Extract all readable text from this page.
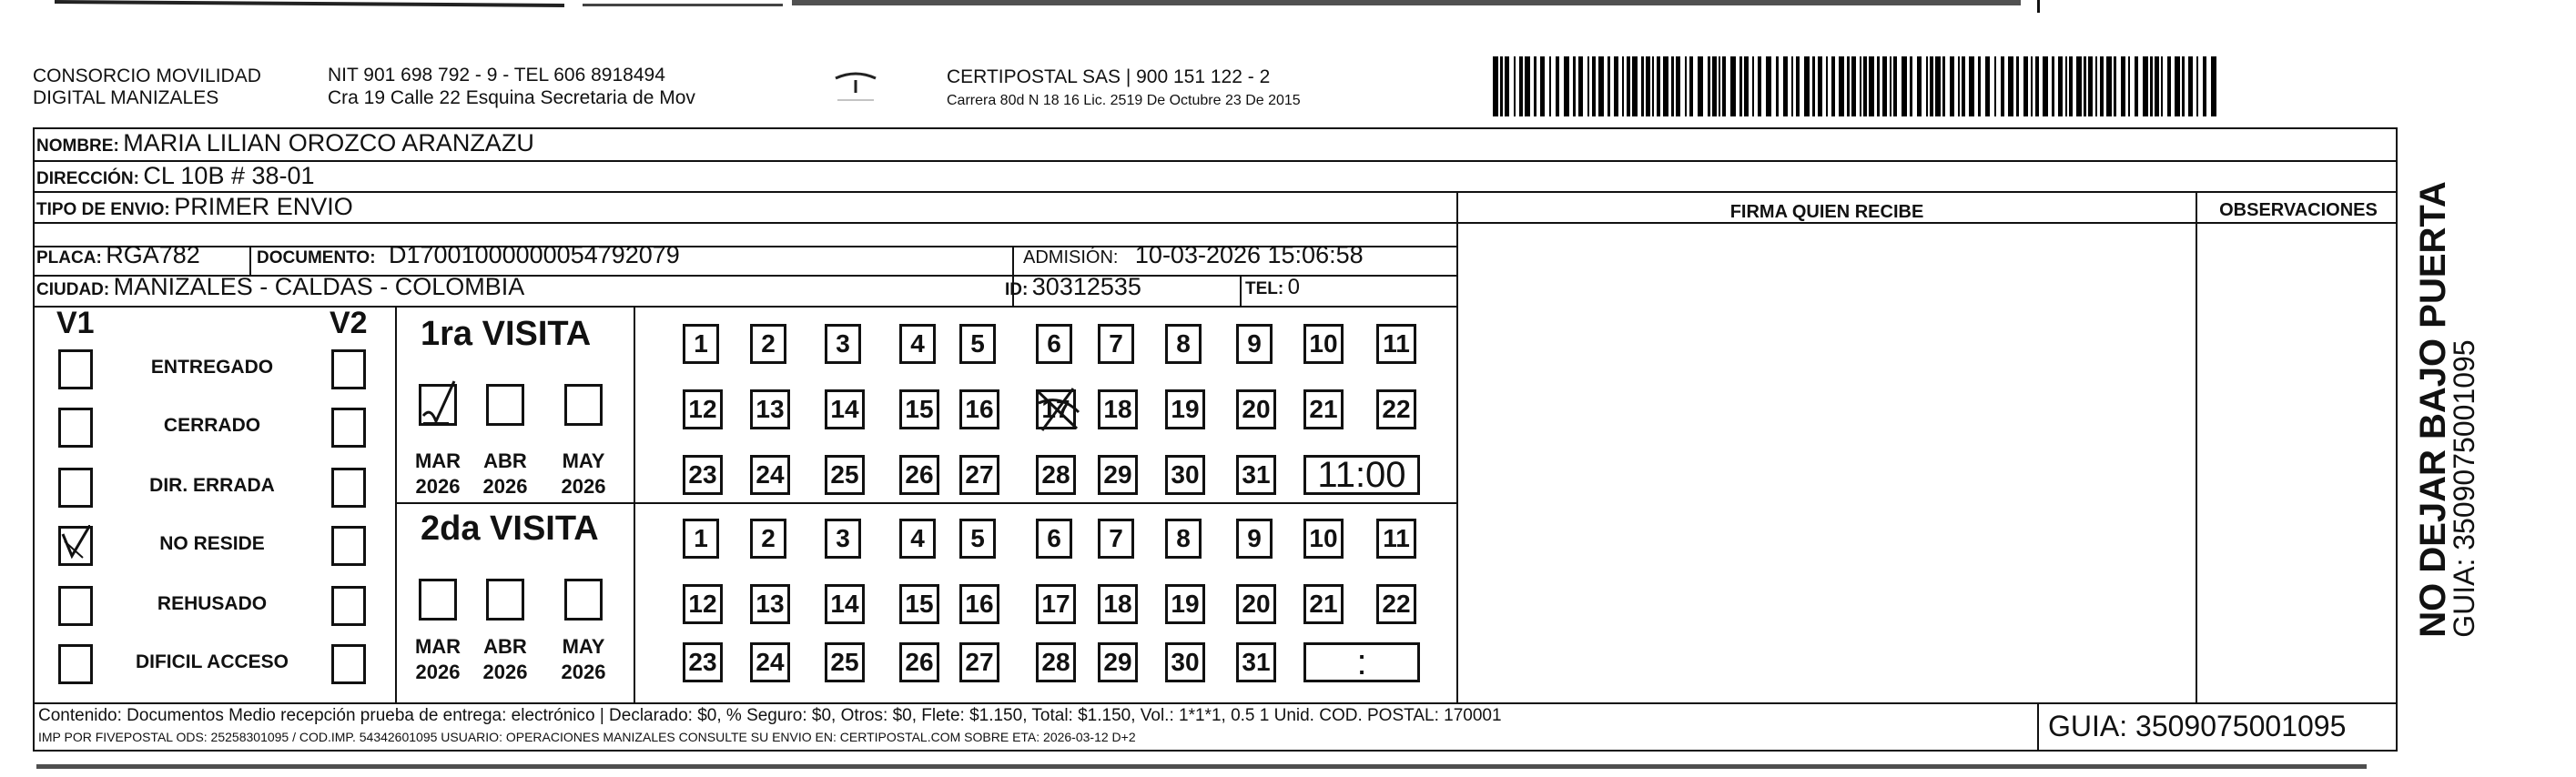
CONSORCIO MOVILIDAD
DIGITAL MANIZALES
NIT 901 698 792 - 9 - TEL 606 8918494
Cra 19 Calle 22 Esquina Secretaria de Mov
CERTIPOSTAL SAS | 900 151 122 - 2
Carrera 80d N 18 16 Lic. 2519 De Octubre 23 De 2015
NOMBRE: MARIA LILIAN OROZCO ARANZAZU
DIRECCIÓN: CL 10B # 38-01
TIPO DE ENVIO: PRIMER ENVIO	FIRMA QUIEN RECIBE	OBSERVACIONES
PLACA: RGA782	DOCUMENTO: D17001000000054792079	ADMISIÓN: 10-03-2026 15:06:58
CIUDAD: MANIZALES - CALDAS - COLOMBIA	ID: 30312535	TEL: 0
V1	V2 1ra VISITA
2da VISITA	NO DEJAR BAJO PUERTA
GUIA: 3509075001095
Contenido: Documentos Medio recepción prueba de entrega: electrónico | Declarado: $0, % Seguro: $0, Otros: $0, Flete: $1.150, Total: $1.150, Vol.: 1*1*1, 0.5 1 Unid. COD. POSTAL: 170001
IMP POR FIVEPOSTAL ODS: 25258301095 / COD.IMP. 54342601095 USUARIO: OPERACIONES MANIZALES CONSULTE SU ENVIO EN: CERTIPOSTAL.COM SOBRE ETA: 2026-03-12 D+2	GUIA: 3509075001095
ENTREGADO
CERRADO
DIR. ERRADA
NO RESIDE
REHUSADO
DIFICIL ACCESO
MAR
2026
ABR
2026
MAY
2026
MAR
2026
ABR
2026
MAY
2026
1	2	3	4	5	6	7	8	9	10 11
12 13 14 15 16 17 18 19 20 21 22
23 24 25 26 27 28 29 30 31	11:00
1	2	3	4	5	6	7	8	9	10 11
12 13 14 15 16 17 18 19 20 21 22
23 24 25 26 27 28 29 30 31	:
